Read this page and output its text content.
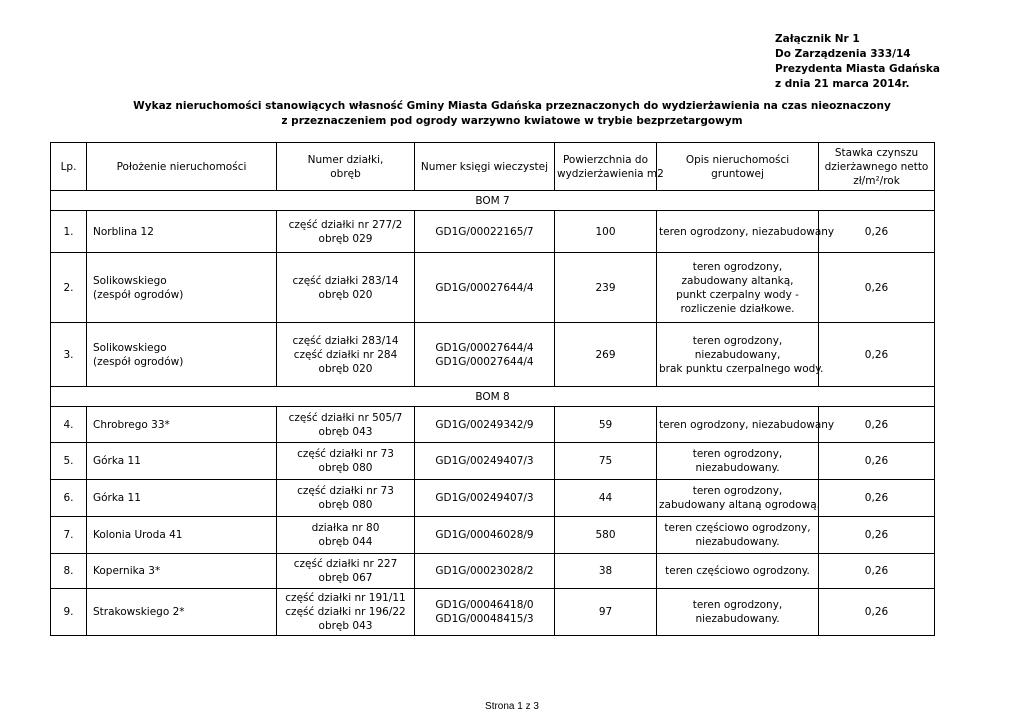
Załącznik Nr 1
Do Zarządzenia 333/14
Prezydenta Miasta Gdańska
z dnia 21 marca 2014r.
Wykaz nieruchomości stanowiących własność Gminy Miasta Gdańska przeznaczonych do wydzierżawienia na czas nieoznaczony
z przeznaczeniem pod ogrody warzywno kwiatowe w trybie bezprzetargowym
Lp.	Położenie nieruchomości	Numer działki,
obręb	Numer księgi wieczystej	Powierzchnia do
wydzierżawienia m2	Opis nieruchomości
gruntowej	Stawka czynszu
dzierżawnego netto
zł/m²/rok

BOM 7						
1.	Norblina 12	część działki nr 277/2
obręb 029	GD1G/00022165/7	100	teren ogrodzony, niezabudowany	0,26
2.	Solikowskiego
(zespół ogrodów)	część działki 283/14
obręb 020	GD1G/00027644/4	239	teren ogrodzony,
zabudowany altanką,
punkt czerpalny wody -
rozliczenie działkowe.	0,26
3.	Solikowskiego
(zespół ogrodów)	część działki 283/14
część działki nr 284
obręb 020	GD1G/00027644/4
GD1G/00027644/4	269	teren ogrodzony,
niezabudowany,
brak punktu czerpalnego wody.	0,26
BOM 8						
4.	Chrobrego 33*	część działki nr 505/7
obręb 043	GD1G/00249342/9	59	teren ogrodzony, niezabudowany	0,26
5.	Górka 11	część działki nr 73
obręb 080	GD1G/00249407/3	75	teren ogrodzony,
niezabudowany.	0,26
6.	Górka 11	część działki nr 73
obręb 080	GD1G/00249407/3	44	teren ogrodzony,
zabudowany altaną ogrodową.	0,26
7.	Kolonia Uroda 41	działka nr 80
obręb 044	GD1G/00046028/9	580	teren częściowo ogrodzony,
niezabudowany.	0,26
8.	Kopernika 3*	część działki nr 227
obręb 067	GD1G/00023028/2	38	teren częściowo ogrodzony.	0,26
9.	Strakowskiego 2*	część działki nr 191/11
część działki nr 196/22
obręb 043	GD1G/00046418/0
GD1G/00048415/3	97	teren ogrodzony,
niezabudowany.	0,26
Strona 1 z 3
